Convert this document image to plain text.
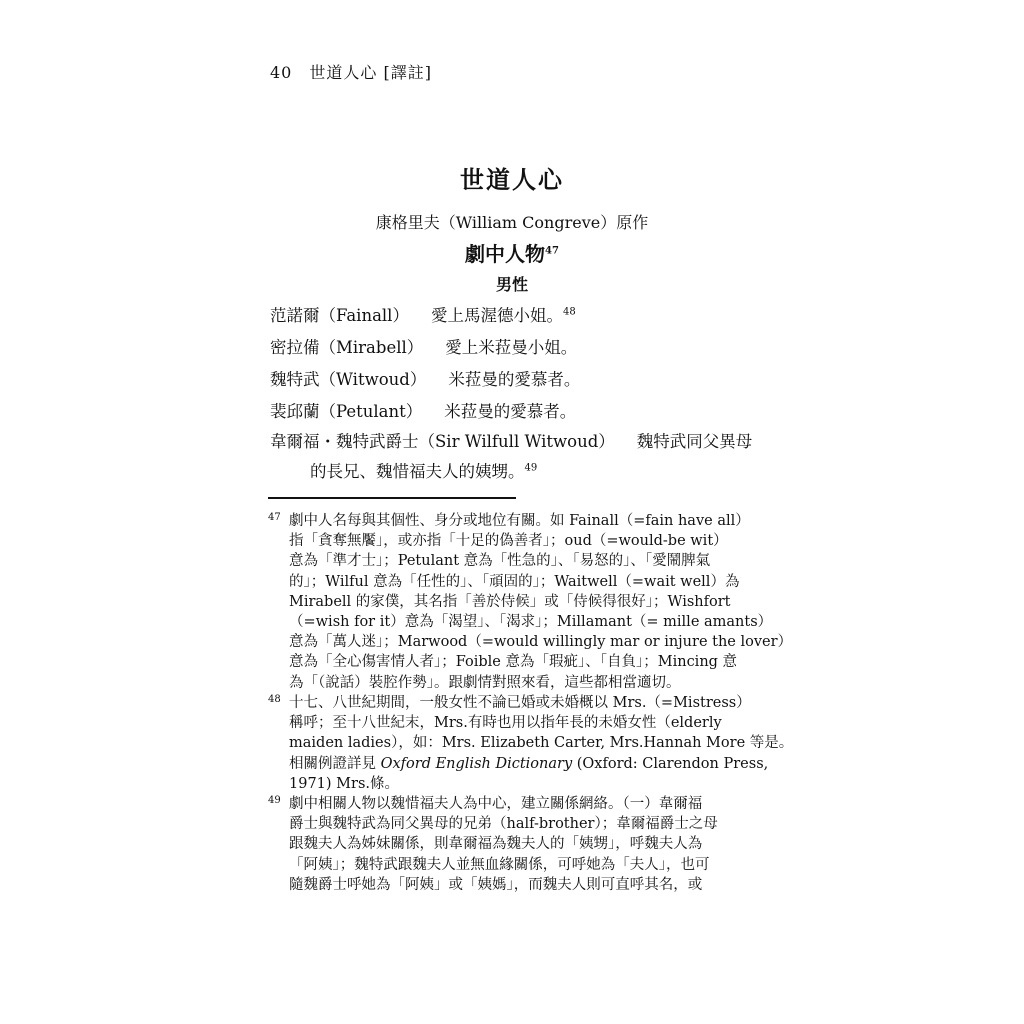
40　世道人心 [譯註]
世道人心
康格里夫（William Congreve）原作
劇中人物$^{47}$
男性
范諾爾（Fainall） 愛上馬渥德小姐。$^{48}$
密拉備（Mirabell） 愛上米菈曼小姐。
魏特武（Witwoud） 米菈曼的愛慕者。
裴邱蘭（Petulant） 米菈曼的愛慕者。
韋爾福・魏特武爵士（Sir Wilfull Witwoud） 魏特武同父異母
的長兄、魏惜福夫人的姨甥。$^{49}$
47 劇中人名每與其個性、身分或地位有關。如 Fainall（=fain have all）
指「貪奪無饜」，或亦指「十足的偽善者」；oud（=would-be wit）
意為「準才士」；Petulant 意為「性急的」、「易怒的」、「愛鬧脾氣
的」；Wilful 意為「任性的」、「頑固的」；Waitwell（=wait well）為
Mirabell 的家僕，其名指「善於侍候」或「侍候得很好」；Wishfort
（=wish for it）意為「渴望」、「渴求」；Millamant（= mille amants）
意為「萬人迷」；Marwood（=would willingly mar or injure the lover）
意為「全心傷害情人者」；Foible 意為「瑕疵」、「自負」；Mincing 意
為「（說話）裝腔作勢」。跟劇情對照來看，這些都相當適切。
48 十七、八世紀期間，一般女性不論已婚或未婚概以 Mrs.（=Mistress）
稱呼；至十八世紀末，Mrs.有時也用以指年長的未婚女性（elderly
maiden ladies），如：Mrs. Elizabeth Carter, Mrs.Hannah More 等是。
相關例證詳見 Oxford English Dictionary (Oxford: Clarendon Press,
1971) Mrs.條。
49 劇中相關人物以魏惜福夫人為中心，建立關係網絡。（一）韋爾福
爵士與魏特武為同父異母的兄弟（half-brother）；韋爾福爵士之母
跟魏夫人為姊妹關係，則韋爾福為魏夫人的「姨甥」，呼魏夫人為
「阿姨」；魏特武跟魏夫人並無血緣關係，可呼她為「夫人」，也可
隨魏爵士呼她為「阿姨」或「姨媽」，而魏夫人則可直呼其名，或
